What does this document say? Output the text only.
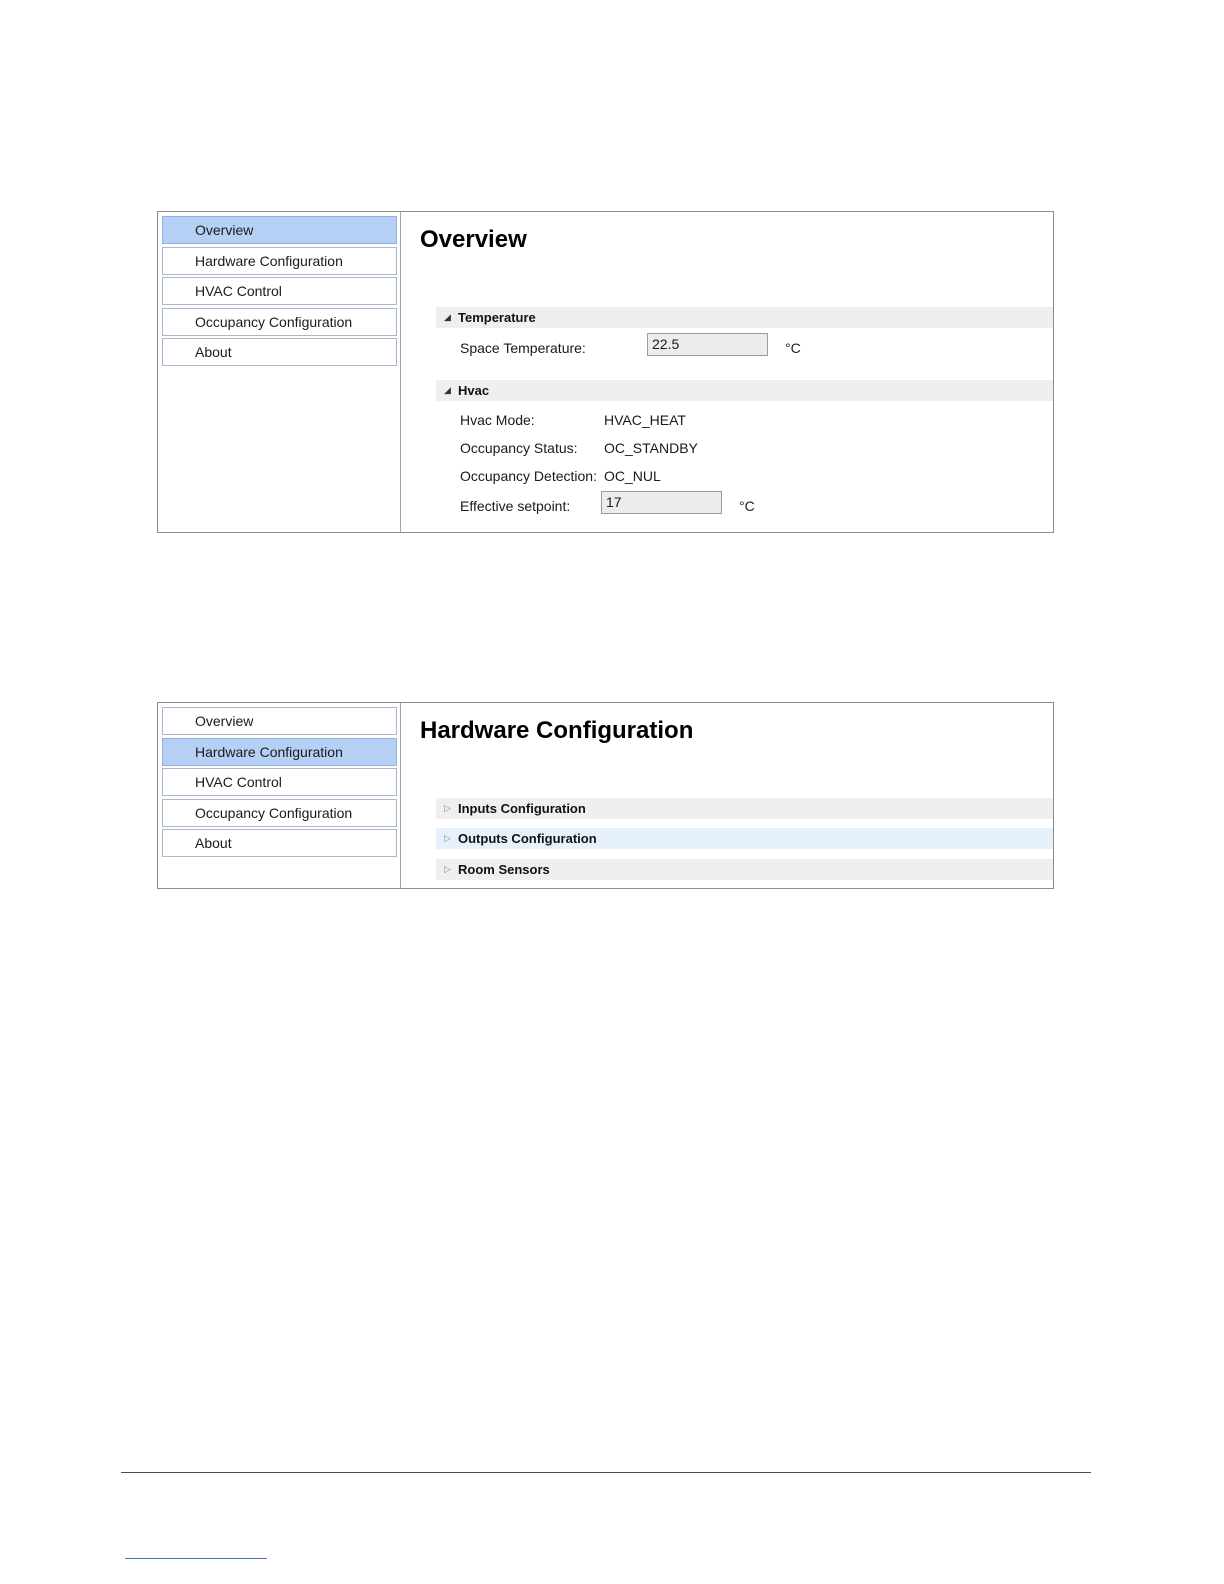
Overview
Hardware Configuration
HVAC Control
Occupancy Configuration
About
Overview
◢ Temperature
Space Temperature:	22.5	°C
◢ Hvac
Hvac Mode:	HVAC_HEAT
Occupancy Status: OC_STANDBY
Occupancy Detection: OC_NUL
Effective setpoint:	17	°C
Overview
Hardware Configuration
HVAC Control
Occupancy Configuration
About
Hardware Configuration
▷ Inputs Configuration
▷ Outputs Configuration
▷ Room Sensors
